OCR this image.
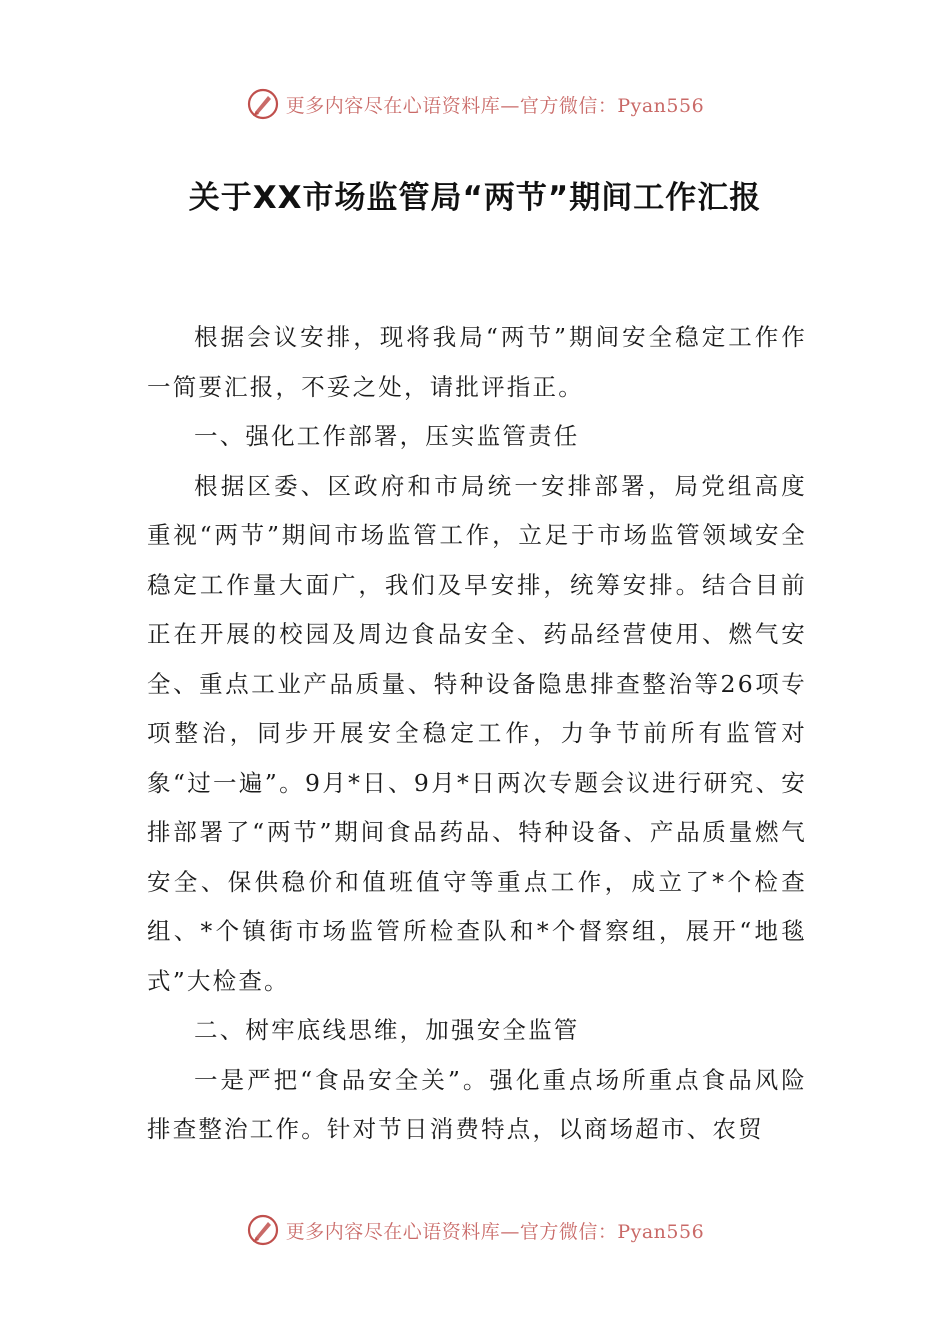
更多内容尽在心语资料库—官方微信：Pyan556
关于XX市场监管局“两节”期间工作汇报

根据会议安排，现将我局“两节”期间安全稳定工作作一简要汇报，不妥之处，请批评指正。

一、强化工作部署，压实监管责任

根据区委、区政府和市局统一安排部署，局党组高度重视“两节”期间市场监管工作，立足于市场监管领域安全稳定工作量大面广，我们及早安排，统筹安排。结合目前正在开展的校园及周边食品安全、药品经营使用、燃气安全、重点工业产品质量、特种设备隐患排查整治等26项专项整治，同步开展安全稳定工作，力争节前所有监管对象“过一遍”。9月*日、9月*日两次专题会议进行研究、安排部署了“两节”期间食品药品、特种设备、产品质量燃气安全、保供稳价和值班值守等重点工作，成立了*个检查组、*个镇街市场监管所检查队和*个督察组，展开“地毯式”大检查。

二、树牢底线思维，加强安全监管

一是严把“食品安全关”。强化重点场所重点食品风险排查整治工作。针对节日消费特点，以商场超市、农贸

更多内容尽在心语资料库—官方微信：Pyan556
